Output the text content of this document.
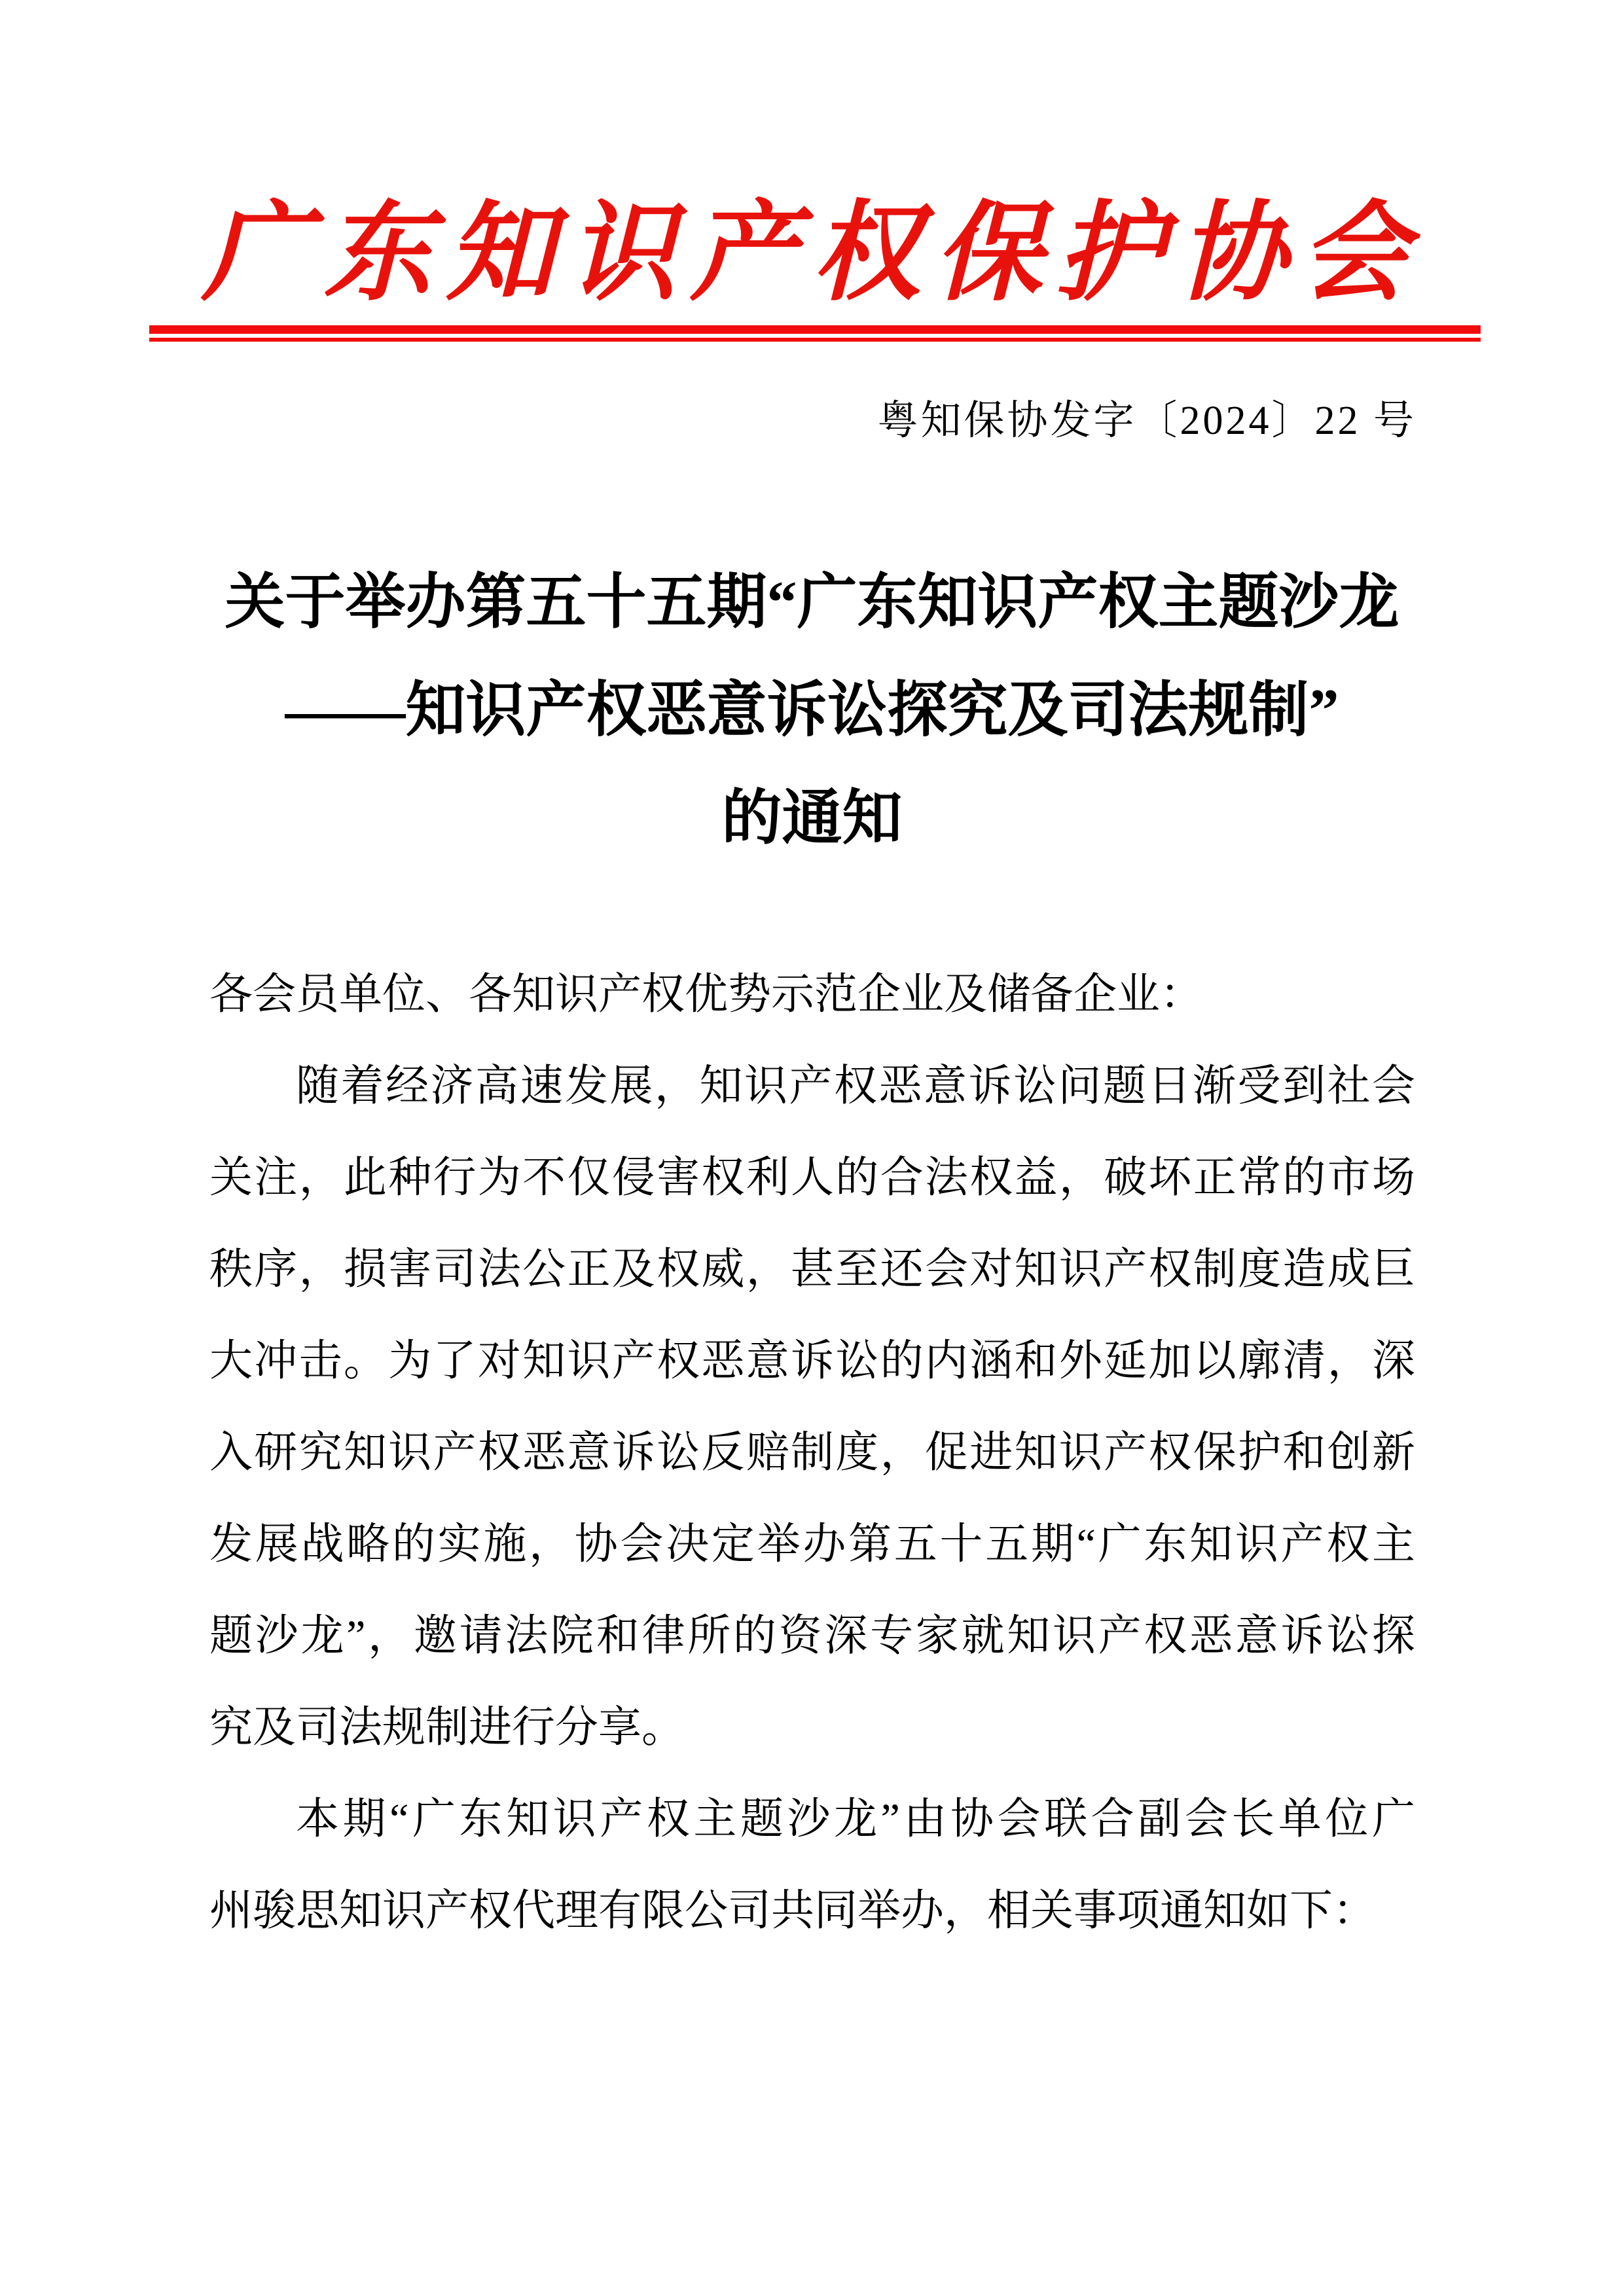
广东知识产权保护协会
粤知保协发字〔2024〕22 号
关于举办第五十五期“广东知识产权主题沙龙
——知识产权恶意诉讼探究及司法规制”
的通知
各会员单位、各知识产权优势示范企业及储备企业：
随着经济高速发展，知识产权恶意诉讼问题日渐受到社会
关注，此种行为不仅侵害权利人的合法权益，破坏正常的市场
秩序，损害司法公正及权威，甚至还会对知识产权制度造成巨
大冲击。为了对知识产权恶意诉讼的内涵和外延加以廓清，深
入研究知识产权恶意诉讼反赔制度，促进知识产权保护和创新
发展战略的实施，协会决定举办第五十五期“广东知识产权主
题沙龙”，邀请法院和律所的资深专家就知识产权恶意诉讼探
究及司法规制进行分享。
本期“广东知识产权主题沙龙”由协会联合副会长单位广
州骏思知识产权代理有限公司共同举办，相关事项通知如下：
